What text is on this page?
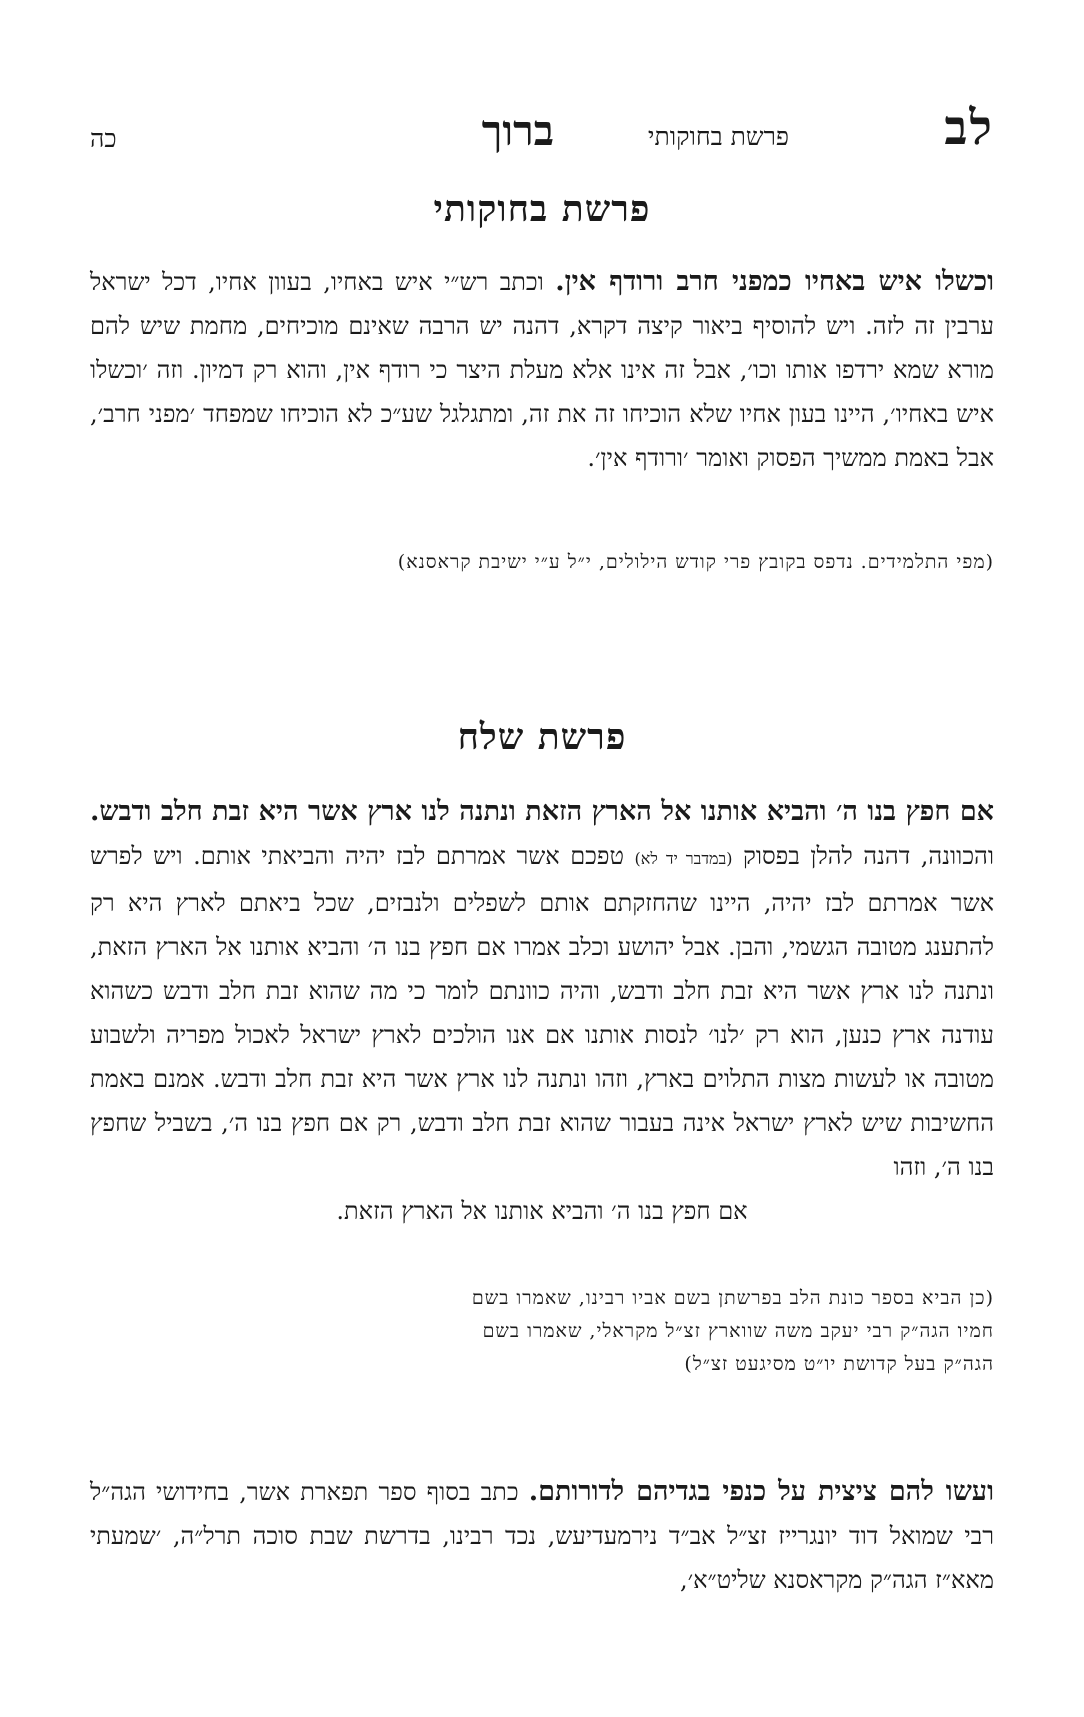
לב
פרשת בחוקותי
ברוך
כה
פרשת בחוקותי
וכשלו איש באחיו כמפני חרב ורודף אין. וכתב רש״י איש באחיו, בעוון אחיו, דכל ישראל ערבין זה לזה. ויש להוסיף ביאור קיצה דקרא, דהנה יש הרבה שאינם מוכיחים, מחמת שיש להם מורא שמא ירדפו אותו וכו׳, אבל זה אינו אלא מעלת היצר כי רודף אין, והוא רק דמיון. וזה ׳וכשלו איש באחיו׳, היינו בעון אחיו שלא הוכיחו זה את זה, ומתגלגל שע״כ לא הוכיחו שמפחד ׳מפני חרב׳, אבל באמת ממשיך הפסוק ואומר ׳ורודף אין׳.
(מפי התלמידים. נדפס בקובץ פרי קודש הילולים, י״ל ע״י ישיבת קראסנא)
פרשת שלח
אם חפץ בנו ה׳ והביא אותנו אל הארץ הזאת ונתנה לנו ארץ אשר היא זבת חלב ודבש. והכוונה, דהנה להלן בפסוק (במדבר יד לא) טפכם אשר אמרתם לבז יהיה והביאתי אותם. ויש לפרש אשר אמרתם לבז יהיה, היינו שהחזקתם אותם לשפלים ולנבזים, שכל ביאתם לארץ היא רק להתענג מטובה הגשמי, והבן. אבל יהושע וכלב אמרו אם חפץ בנו ה׳ והביא אותנו אל הארץ הזאת, ונתנה לנו ארץ אשר היא זבת חלב ודבש, והיה כוונתם לומר כי מה שהוא זבת חלב ודבש כשהוא עודנה ארץ כנען, הוא רק ׳לנו׳ לנסות אותנו אם אנו הולכים לארץ ישראל לאכול מפריה ולשבוע מטובה או לעשות מצות התלוים בארץ, וזהו ונתנה לנו ארץ אשר היא זבת חלב ודבש. אמנם באמת החשיבות שיש לארץ ישראל אינה בעבור שהוא זבת חלב ודבש, רק אם חפץ בנו ה׳, בשביל שחפץ בנו ה׳, וזהו
אם חפץ בנו ה׳ והביא אותנו אל הארץ הזאת.
(כן הביא בספר כונת הלב בפרשתן בשם אביו רבינו, שאמרו בשם
חמיו הגה״ק רבי יעקב משה שווארץ זצ״ל מקראלי, שאמרו בשם
הגה״ק בעל קדושת יו״ט מסיגעט זצ״ל)
ועשו להם ציצית על כנפי בגדיהם לדורותם. כתב בסוף ספר תפארת אשר, בחידושי הגה״ל רבי שמואל דוד יונגרייז זצ״ל אב״ד נירמעדיעש, נכד רבינו, בדרשת שבת סוכה תרל״ה, ׳שמעתי מאא״ז הגה״ק מקראסנא שליט״א׳,
